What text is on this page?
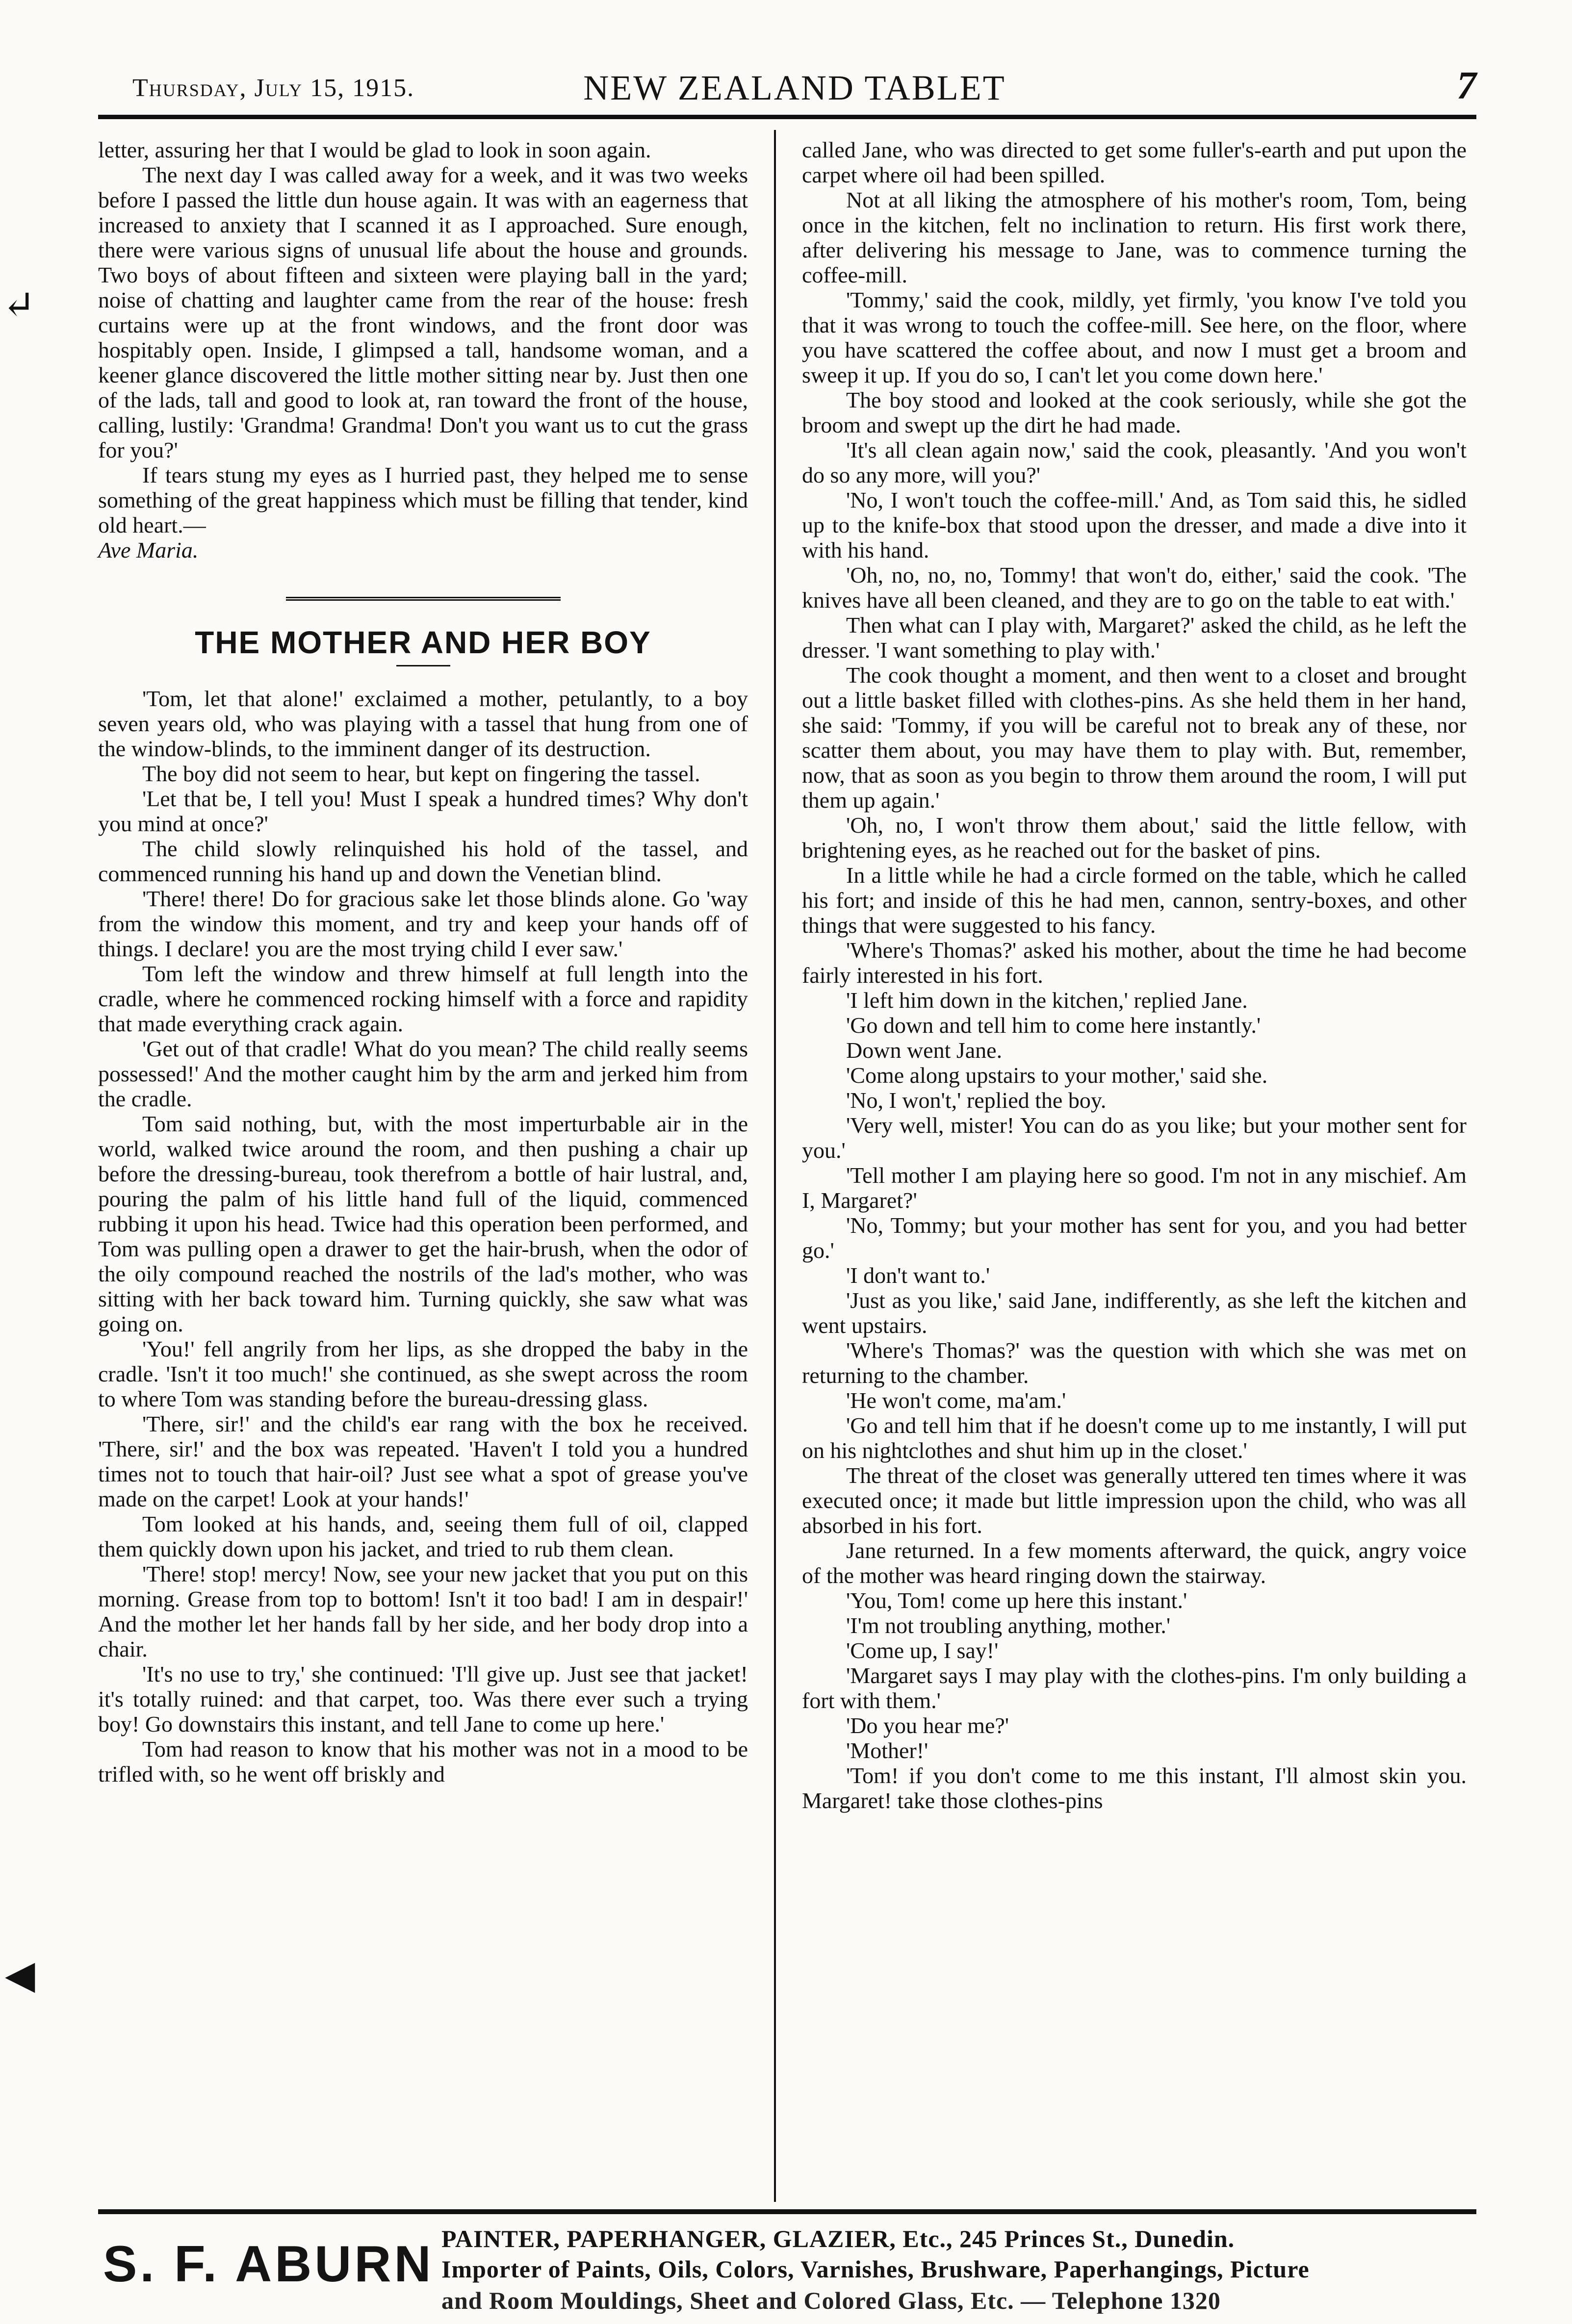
Thursday, July 15, 1915.	NEW ZEALAND TABLET	7
↵
◀

letter, assuring her that I would be glad to look in soon again.

The next day I was called away for a week, and it was two weeks before I passed the little dun house again. It was with an eagerness that increased to anxiety that I scanned it as I approached. Sure enough, there were various signs of unusual life about the house and grounds. Two boys of about fifteen and sixteen were playing ball in the yard; noise of chatting and laughter came from the rear of the house: fresh curtains were up at the front windows, and the front door was hospitably open. Inside, I glimpsed a tall, handsome woman, and a keener glance discovered the little mother sitting near by. Just then one of the lads, tall and good to look at, ran toward the front of the house, calling, lustily: 'Grandma! Grandma! Don't you want us to cut the grass for you?'

If tears stung my eyes as I hurried past, they helped me to sense something of the great happiness which must be filling that tender, kind old heart.—

Ave Maria.

THE MOTHER AND HER BOY

'Tom, let that alone!' exclaimed a mother, petulantly, to a boy seven years old, who was playing with a tassel that hung from one of the window-blinds, to the imminent danger of its destruction.

The boy did not seem to hear, but kept on fingering the tassel.

'Let that be, I tell you! Must I speak a hundred times? Why don't you mind at once?'

The child slowly relinquished his hold of the tassel, and commenced running his hand up and down the Venetian blind.

'There! there! Do for gracious sake let those blinds alone. Go 'way from the window this moment, and try and keep your hands off of things. I declare! you are the most trying child I ever saw.'

Tom left the window and threw himself at full length into the cradle, where he commenced rocking himself with a force and rapidity that made everything crack again.

'Get out of that cradle! What do you mean? The child really seems possessed!' And the mother caught him by the arm and jerked him from the cradle.

Tom said nothing, but, with the most imperturbable air in the world, walked twice around the room, and then pushing a chair up before the dressing-bureau, took therefrom a bottle of hair lustral, and, pouring the palm of his little hand full of the liquid, commenced rubbing it upon his head. Twice had this operation been performed, and Tom was pulling open a drawer to get the hair-brush, when the odor of the oily compound reached the nostrils of the lad's mother, who was sitting with her back toward him. Turning quickly, she saw what was going on.

'You!' fell angrily from her lips, as she dropped the baby in the cradle. 'Isn't it too much!' she continued, as she swept across the room to where Tom was standing before the bureau-dressing glass.

'There, sir!' and the child's ear rang with the box he received. 'There, sir!' and the box was repeated. 'Haven't I told you a hundred times not to touch that hair-oil? Just see what a spot of grease you've made on the carpet! Look at your hands!'

Tom looked at his hands, and, seeing them full of oil, clapped them quickly down upon his jacket, and tried to rub them clean.

'There! stop! mercy! Now, see your new jacket that you put on this morning. Grease from top to bottom! Isn't it too bad! I am in despair!' And the mother let her hands fall by her side, and her body drop into a chair.

'It's no use to try,' she continued: 'I'll give up. Just see that jacket! it's totally ruined: and that carpet, too. Was there ever such a trying boy! Go downstairs this instant, and tell Jane to come up here.'

Tom had reason to know that his mother was not in a mood to be trifled with, so he went off briskly and

called Jane, who was directed to get some fuller's-earth and put upon the carpet where oil had been spilled.

Not at all liking the atmosphere of his mother's room, Tom, being once in the kitchen, felt no inclination to return. His first work there, after delivering his message to Jane, was to commence turning the coffee-mill.

'Tommy,' said the cook, mildly, yet firmly, 'you know I've told you that it was wrong to touch the coffee-mill. See here, on the floor, where you have scattered the coffee about, and now I must get a broom and sweep it up. If you do so, I can't let you come down here.'

The boy stood and looked at the cook seriously, while she got the broom and swept up the dirt he had made.

'It's all clean again now,' said the cook, pleasantly. 'And you won't do so any more, will you?'

'No, I won't touch the coffee-mill.' And, as Tom said this, he sidled up to the knife-box that stood upon the dresser, and made a dive into it with his hand.

'Oh, no, no, no, Tommy! that won't do, either,' said the cook. 'The knives have all been cleaned, and they are to go on the table to eat with.'

Then what can I play with, Margaret?' asked the child, as he left the dresser. 'I want something to play with.'

The cook thought a moment, and then went to a closet and brought out a little basket filled with clothes-pins. As she held them in her hand, she said: 'Tommy, if you will be careful not to break any of these, nor scatter them about, you may have them to play with. But, remember, now, that as soon as you begin to throw them around the room, I will put them up again.'

'Oh, no, I won't throw them about,' said the little fellow, with brightening eyes, as he reached out for the basket of pins.

In a little while he had a circle formed on the table, which he called his fort; and inside of this he had men, cannon, sentry-boxes, and other things that were suggested to his fancy.

'Where's Thomas?' asked his mother, about the time he had become fairly interested in his fort.

'I left him down in the kitchen,' replied Jane.

'Go down and tell him to come here instantly.'

Down went Jane.

'Come along upstairs to your mother,' said she.

'No, I won't,' replied the boy.

'Very well, mister! You can do as you like; but your mother sent for you.'

'Tell mother I am playing here so good. I'm not in any mischief. Am I, Margaret?'

'No, Tommy; but your mother has sent for you, and you had better go.'

'I don't want to.'

'Just as you like,' said Jane, indifferently, as she left the kitchen and went upstairs.

'Where's Thomas?' was the question with which she was met on returning to the chamber.

'He won't come, ma'am.'

'Go and tell him that if he doesn't come up to me instantly, I will put on his nightclothes and shut him up in the closet.'

The threat of the closet was generally uttered ten times where it was executed once; it made but little impression upon the child, who was all absorbed in his fort.

Jane returned. In a few moments afterward, the quick, angry voice of the mother was heard ringing down the stairway.

'You, Tom! come up here this instant.'

'I'm not troubling anything, mother.'

'Come up, I say!'

'Margaret says I may play with the clothes-pins. I'm only building a fort with them.'

'Do you hear me?'

'Mother!'

'Tom! if you don't come to me this instant, I'll almost skin you. Margaret! take those clothes-pins

S. F. ABURN PAINTER, PAPERHANGER, GLAZIER, Etc., 245 Princes St., Dunedin.
Importer of Paints, Oils, Colors, Varnishes, Brushware, Paperhangings, Picture
and Room Mouldings, Sheet and Colored Glass, Etc. — Telephone 1320
